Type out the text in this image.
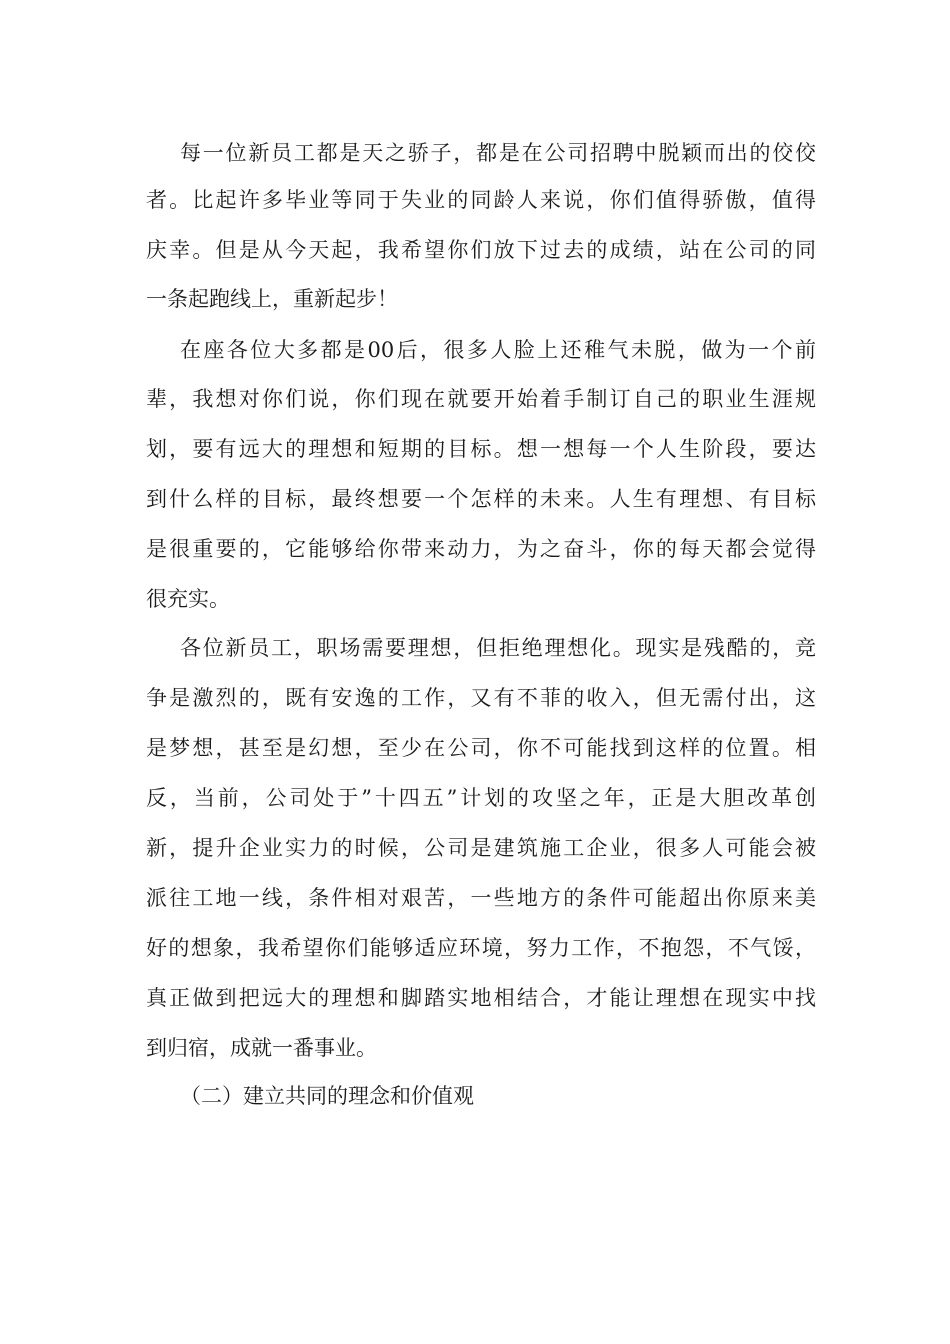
每一位新员工都是天之骄子，都是在公司招聘中脱颖而出的佼佼
者。比起许多毕业等同于失业的同龄人来说，你们值得骄傲，值得
庆幸。但是从今天起，我希望你们放下过去的成绩，站在公司的同
一条起跑线上，重新起步！
在座各位大多都是00后，很多人脸上还稚气未脱，做为一个前
辈，我想对你们说，你们现在就要开始着手制订自己的职业生涯规
划，要有远大的理想和短期的目标。想一想每一个人生阶段，要达
到什么样的目标，最终想要一个怎样的未来。人生有理想、有目标
是很重要的，它能够给你带来动力，为之奋斗，你的每天都会觉得
很充实。
各位新员工，职场需要理想，但拒绝理想化。现实是残酷的，竞
争是激烈的，既有安逸的工作，又有不菲的收入，但无需付出，这
是梦想，甚至是幻想，至少在公司，你不可能找到这样的位置。相
反，当前，公司处于”十四五”计划的攻坚之年，正是大胆改革创
新，提升企业实力的时候，公司是建筑施工企业，很多人可能会被
派往工地一线，条件相对艰苦，一些地方的条件可能超出你原来美
好的想象，我希望你们能够适应环境，努力工作，不抱怨，不气馁，
真正做到把远大的理想和脚踏实地相结合，才能让理想在现实中找
到归宿，成就一番事业。
（二）建立共同的理念和价值观
